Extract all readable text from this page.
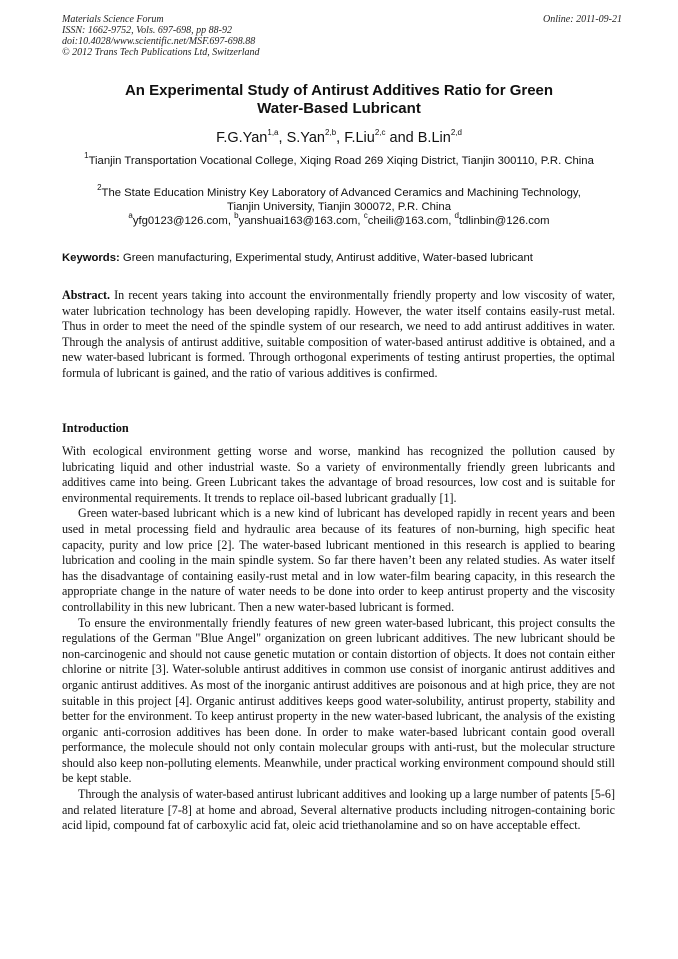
Materials Science Forum
ISSN: 1662-9752, Vols. 697-698, pp 88-92
doi:10.4028/www.scientific.net/MSF.697-698.88
© 2012 Trans Tech Publications Ltd, Switzerland
Online: 2011-09-21
An Experimental Study of Antirust Additives Ratio for Green
Water-Based Lubricant
F.G.Yan$^{1,a}$, S.Yan$^{2,b}$, F.Liu$^{2,c}$ and B.Lin$^{2,d}$
$^1$Tianjin Transportation Vocational College, Xiqing Road 269 Xiqing District, Tianjin 300110, P.R. China
$^2$The State Education Ministry Key Laboratory of Advanced Ceramics and Machining Technology,
Tianjin University, Tianjin 300072, P.R. China
$^a$yfg0123@126.com, $^b$yanshuai163@163.com, $^c$cheili@163.com, $^d$tdlinbin@126.com
Keywords: Green manufacturing, Experimental study, Antirust additive, Water-based lubricant
Abstract. In recent years taking into account the environmentally friendly property and low viscosity of water, water lubrication technology has been developing rapidly. However, the water itself contains easily-rust metal. Thus in order to meet the need of the spindle system of our research, we need to add antirust additives in water. Through the analysis of antirust additive, suitable composition of water-based antirust additive is obtained, and a new water-based lubricant is formed. Through orthogonal experiments of testing antirust properties, the optimal formula of lubricant is gained, and the ratio of various additives is confirmed.
Introduction

With ecological environment getting worse and worse, mankind has recognized the pollution caused by lubricating liquid and other industrial waste. So a variety of environmentally friendly green lubricants and additives came into being. Green Lubricant takes the advantage of broad resources, low cost and is suitable for environmental requirements. It trends to replace oil-based lubricant gradually [1].

Green water-based lubricant which is a new kind of lubricant has developed rapidly in recent years and been used in metal processing field and hydraulic area because of its features of non-burning, high specific heat capacity, purity and low price [2]. The water-based lubricant mentioned in this research is applied to bearing lubrication and cooling in the main spindle system. So far there haven’t been any related studies. As water itself has the disadvantage of containing easily-rust metal and in low water-film bearing capacity, in this research the appropriate change in the nature of water needs to be done into order to keep antirust property and the viscosity controllability in this new lubricant. Then a new water-based lubricant is formed.

To ensure the environmentally friendly features of new green water-based lubricant, this project consults the regulations of the German "Blue Angel" organization on green lubricant additives. The new lubricant should be non-carcinogenic and should not cause genetic mutation or contain distortion of objects. It does not contain either chlorine or nitrite [3]. Water-soluble antirust additives in common use consist of inorganic antirust additives and organic antirust additives. As most of the inorganic antirust additives are poisonous and at high price, they are not suitable in this project [4]. Organic antirust additives keeps good water-solubility, antirust property, stability and better for the environment. To keep antirust property in the new water-based lubricant, the analysis of the existing organic anti-corrosion additives has been done. In order to make water-based lubricant contain good overall performance, the molecule should not only contain molecular groups with anti-rust, but the molecular structure should also keep non-polluting elements. Meanwhile, under practical working environment compound should still be kept stable.

Through the analysis of water-based antirust lubricant additives and looking up a large number of patents [5-6] and related literature [7-8] at home and abroad, Several alternative products including nitrogen-containing boric acid lipid, compound fat of carboxylic acid fat, oleic acid triethanolamine and so on have acceptable effect.
